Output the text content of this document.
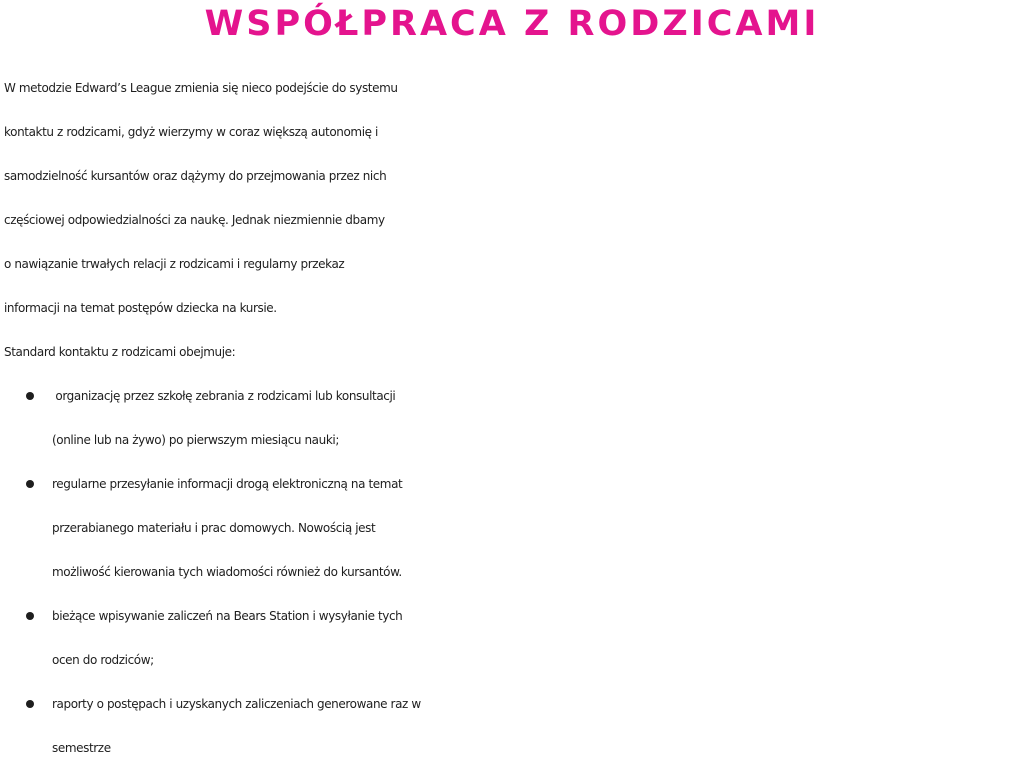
WSPÓŁPRACA Z RODZICAMI

W metodzie Edward’s League zmienia się nieco podejście do systemu
kontaktu z rodzicami, gdyż wierzymy w coraz większą autonomię i
samodzielność kursantów oraz dążymy do przejmowania przez nich
częściowej odpowiedzialności za naukę. Jednak niezmiennie dbamy
o nawiązanie trwałych relacji z rodzicami i regularny przekaz
informacji na temat postępów dziecka na kursie.
Standard kontaktu z rodzicami obejmuje:

organizację przez szkołę zebrania z rodzicami lub konsultacji
(online lub na żywo) po pierwszym miesiącu nauki;
regularne przesyłanie informacji drogą elektroniczną na temat
przerabianego materiału i prac domowych. Nowością jest
możliwość kierowania tych wiadomości również do kursantów.
bieżące wpisywanie zaliczeń na Bears Station i wysyłanie tych
ocen do rodziców;
raporty o postępach i uzyskanych zaliczeniach generowane raz w
semestrze
